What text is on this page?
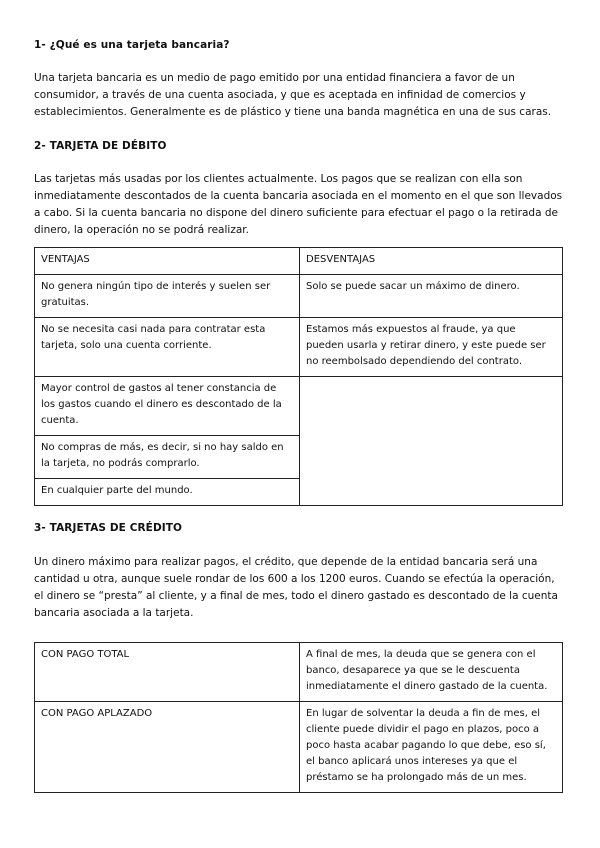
1- ¿Qué es una tarjeta bancaria?

Una tarjeta bancaria es un medio de pago emitido por una entidad financiera a favor de un consumidor, a través de una cuenta asociada, y que es aceptada en infinidad de comercios y establecimientos. Generalmente es de plástico y tiene una banda magnética en una de sus caras.

2- TARJETA DE DÉBITO

Las tarjetas más usadas por los clientes actualmente. Los pagos que se realizan con ella son inmediatamente descontados de la cuenta bancaria asociada en el momento en el que son llevados a cabo. Si la cuenta bancaria no dispone del dinero suficiente para efectuar el pago o la retirada de dinero, la operación no se podrá realizar.

VENTAJAS	DESVENTAJAS
No genera ningún tipo de interés y suelen ser gratuitas.	Solo se puede sacar un máximo de dinero.
No se necesita casi nada para contratar esta tarjeta, solo una cuenta corriente.	Estamos más expuestos al fraude, ya que pueden usarla y retirar dinero, y este puede ser no reembolsado dependiendo del contrato.
Mayor control de gastos al tener constancia de los gastos cuando el dinero es descontado de la cuenta.	
No compras de más, es decir, si no hay saldo en la tarjeta, no podrás comprarlo.	
En cualquier parte del mundo.	
3- TARJETAS DE CRÉDITO

Un dinero máximo para realizar pagos, el crédito, que depende de la entidad bancaria será una cantidad u otra, aunque suele rondar de los 600 a los 1200 euros. Cuando se efectúa la operación, el dinero se “presta” al cliente, y a final de mes, todo el dinero gastado es descontado de la cuenta bancaria asociada a la tarjeta.

CON PAGO TOTAL	A final de mes, la deuda que se genera con el banco, desaparece ya que se le descuenta inmediatamente el dinero gastado de la cuenta.
CON PAGO APLAZADO	En lugar de solventar la deuda a fin de mes, el cliente puede dividir el pago en plazos, poco a poco hasta acabar pagando lo que debe, eso sí, el banco aplicará unos intereses ya que el préstamo se ha prolongado más de un mes.
